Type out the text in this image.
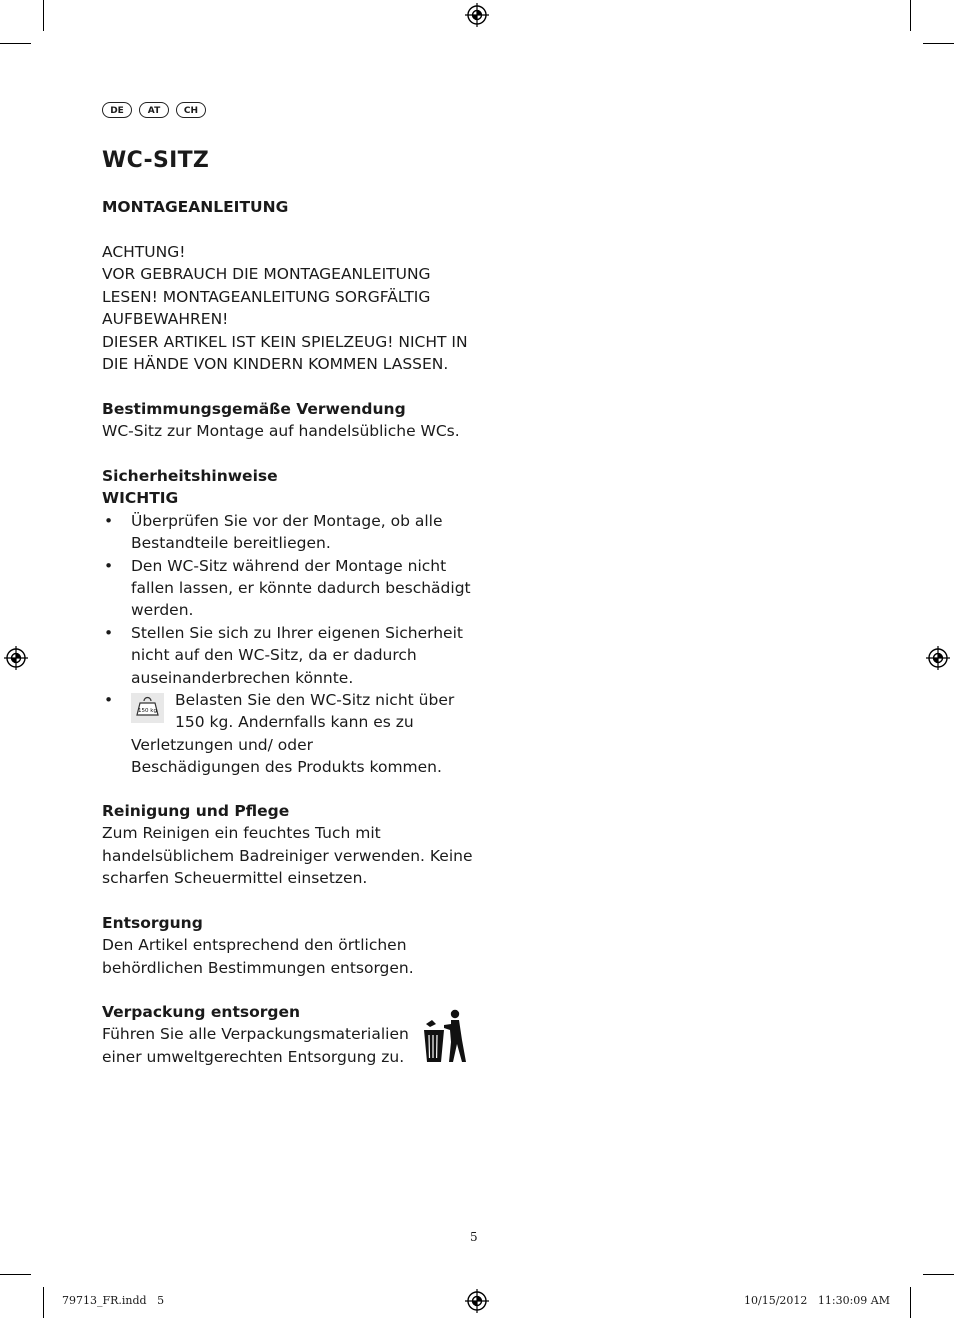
DE	AT	CH
WC-SITZ
MONTAGEANLEITUNG
ACHTUNG!
VOR GEBRAUCH DIE MONTAGEANLEITUNG
LESEN! MONTAGEANLEITUNG SORGFÄLTIG
AUFBEWAHREN!
DIESER ARTIKEL IST KEIN SPIELZEUG! NICHT IN
DIE HÄNDE VON KINDERN KOMMEN LASSEN.
Bestimmungsgemäße Verwendung
WC-Sitz zur Montage auf handelsübliche WCs.
Sicherheitshinweise
WICHTIG
• Überprüfen Sie vor der Montage, ob alle
Bestandteile bereitliegen.
• Den WC-Sitz während der Montage nicht
fallen lassen, er könnte dadurch beschädigt
werden.
• Stellen Sie sich zu Ihrer eigenen Sicherheit
nicht auf den WC-Sitz, da er dadurch
auseinanderbrechen könnte.
•
150 kg
Belasten Sie den WC-Sitz nicht über
150 kg. Andernfalls kann es zu
Verletzungen und/ oder
Beschädigungen des Produkts kommen.
Reinigung und Pflege
Zum Reinigen ein feuchtes Tuch mit
handelsüblichem Badreiniger verwenden. Keine
scharfen Scheuermittel einsetzen.
Entsorgung
Den Artikel entsprechend den örtlichen
behördlichen Bestimmungen entsorgen.
Verpackung entsorgen
Führen Sie alle Verpackungsmaterialien
einer umweltgerechten Entsorgung zu.
5
79713_FR.indd   5	10/15/2012   11:30:09 AM
